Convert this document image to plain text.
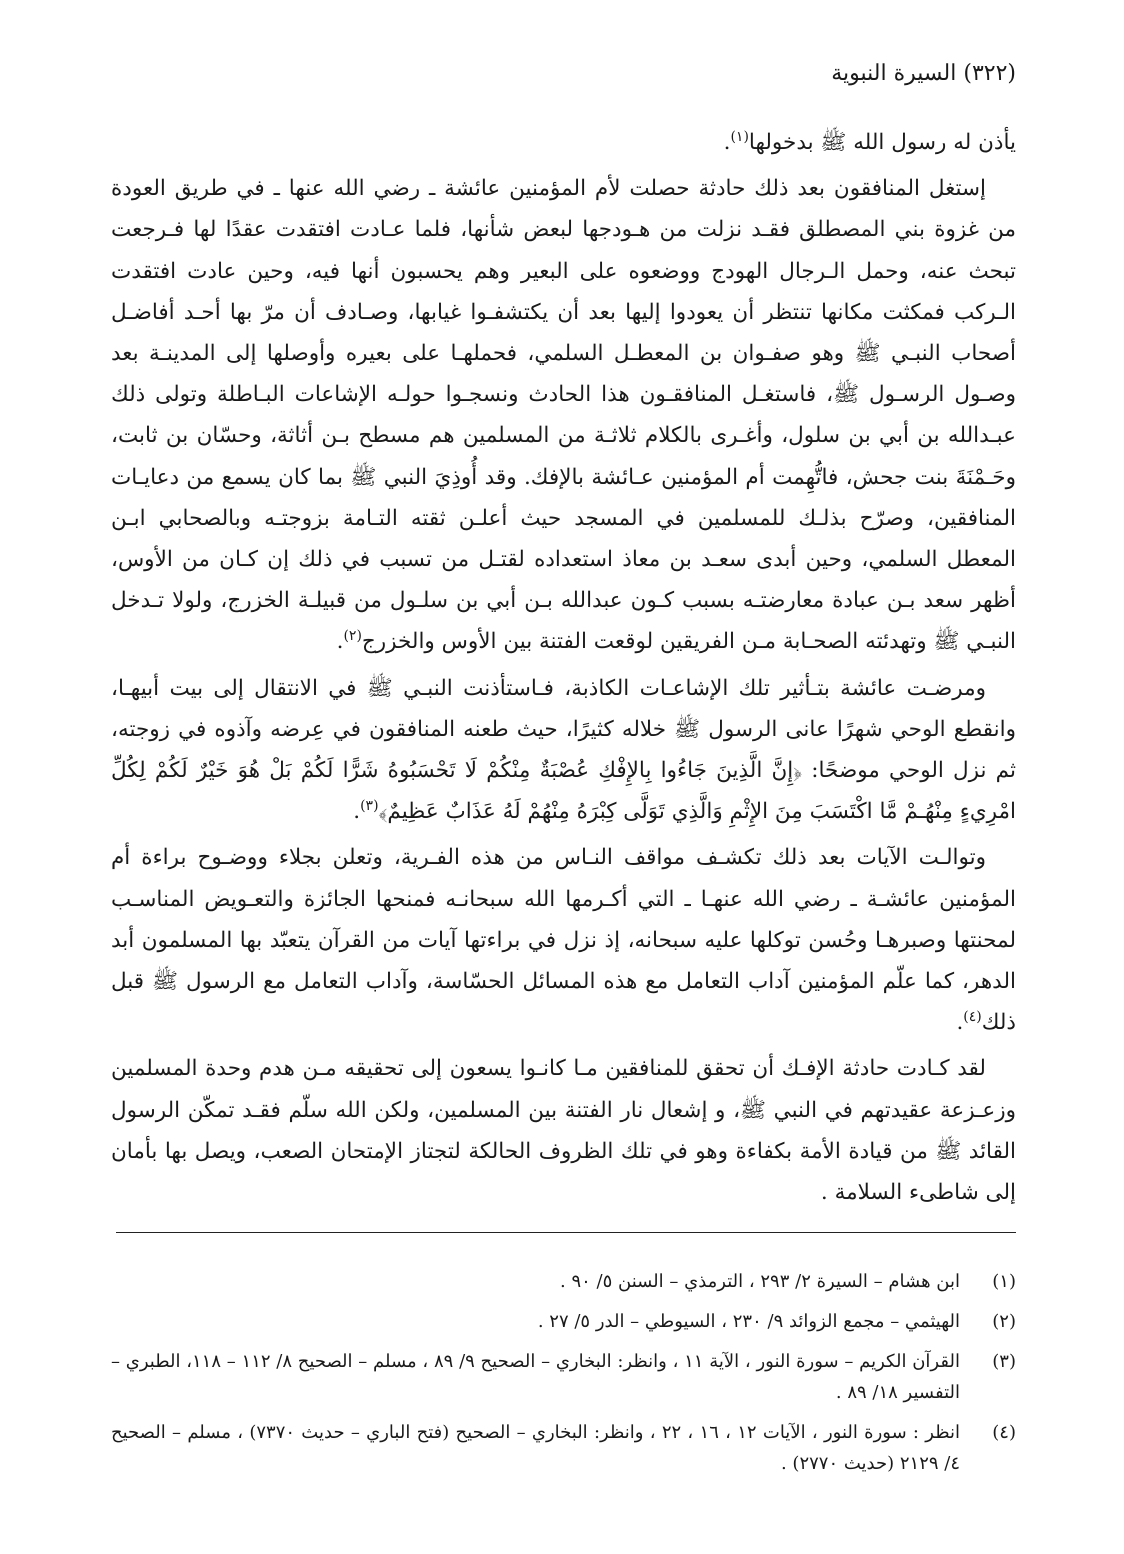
(٣٢٢) السيرة النبوية

يأذن له رسول الله ﷺ بدخولها$^{(١)}$.

إستغل المنافقون بعد ذلك حادثة حصلت لأم المؤمنين عائشة ـ رضي الله عنها ـ في طريق العودة من غزوة بني المصطلق فقـد نزلت من هـودجها لبعض شأنها، فلما عـادت افتقدت عقدًا لها فـرجعت تبحث عنه، وحمل الـرجال الهودج ووضعوه على البعير وهم يحسبون أنها فيه، وحين عادت افتقدت الـركب فمكثت مكانها تنتظر أن يعودوا إليها بعد أن يكتشفـوا غيابها، وصـادف أن مرّ بها أحـد أفاضـل أصحاب النبـي ﷺ وهو صفـوان بن المعطـل السلمي، فحملهـا على بعيره وأوصلها إلى المدينـة بعد وصـول الرسـول ﷺ، فاستغـل المنافقـون هذا الحادث ونسجـوا حولـه الإشاعات البـاطلة وتولى ذلك عبـدالله بن أبي بن سلول، وأغـرى بالكلام ثلاثـة من المسلمين هم مسطح بـن أثاثة، وحسّان بن ثابت، وحَـمْنَةَ بنت جحش، فاتُّهِمت أم المؤمنين عـائشة بالإفك. وقد أُوذِيَ النبي ﷺ بما كان يسمع من دعايـات المنافقين، وصرّح بذلـك للمسلمين في المسجد حيث أعلـن ثقته التـامة بزوجتـه وبالصحابي ابـن المعطل السلمي، وحين أبدى سعـد بن معاذ استعداده لقتـل من تسبب في ذلك إن كـان من الأوس، أظهر سعد بـن عبادة معارضتـه بسبب كـون عبدالله بـن أبي بن سلـول من قبيلـة الخزرج، ولولا تـدخل النبـي ﷺ وتهدئته الصحـابة مـن الفريقين لوقعت الفتنة بين الأوس والخزرج$^{(٢)}$.

ومرضـت عائشة بتـأثير تلك الإشاعـات الكاذبة، فـاستأذنت النبـي ﷺ في الانتقال إلى بيت أبيهـا، وانقطع الوحي شهرًا عانى الرسول ﷺ خلاله كثيرًا، حيث طعنه المنافقون في عِرضه وآذوه في زوجته، ثم نزل الوحي موضحًا: ﴿إِنَّ الَّذِينَ جَاءُوا بِالإِفْكِ عُصْبَةٌ مِنْكُمْ لَا تَحْسَبُوهُ شَرًّا لَكُمْ بَلْ هُوَ خَيْرٌ لَكُمْ لِكُلِّ امْرِيءٍ مِنْهُـمْ مَّا اكْتَسَبَ مِنَ الإِثْمِ وَالَّذِي تَوَلَّى كِبْرَهُ مِنْهُمْ لَهُ عَذَابٌ عَظِيمٌ﴾$^{(٣)}$.

وتوالـت الآيات بعد ذلك تكشـف مواقف النـاس من هذه الفـرية، وتعلن بجلاء ووضـوح براءة أم المؤمنين عائشـة ـ رضي الله عنهـا ـ التي أكـرمها الله سبحانـه فمنحها الجائزة والتعـويض المناسـب لمحنتها وصبرهـا وحُسن توكلها عليه سبحانه، إذ نزل في براءتها آيات من القرآن يتعبّد بها المسلمون أبد الدهر، كما علّم المؤمنين آداب التعامل مع هذه المسائل الحسّاسة، وآداب التعامل مع الرسول ﷺ قبل ذلك$^{(٤)}$.

لقد كـادت حادثة الإفـك أن تحقق للمنافقين مـا كانـوا يسعون إلى تحقيقه مـن هدم وحدة المسلمين وزعـزعة عقيدتهم في النبي ﷺ، و إشعال نار الفتنة بين المسلمين، ولكن الله سلّم فقـد تمكّن الرسول القائد ﷺ من قيادة الأمة بكفاءة وهو في تلك الظروف الحالكة لتجتاز الإمتحان الصعب، ويصل بها بأمان إلى شاطىء السلامة .

(١)
ابن هشام – السيرة ٢/ ٢٩٣ ، الترمذي – السنن ٥/ ٩٠ .
(٢)
الهيثمي – مجمع الزوائد ٩/ ٢٣٠ ، السيوطي – الدر ٥/ ٢٧ .
(٣)
القرآن الكريم – سورة النور ، الآية ١١ ، وانظر: البخاري – الصحيح ٩/ ٨٩ ، مسلم – الصحيح ٨/ ١١٢ – ١١٨، الطبري – التفسير ١٨/ ٨٩ .
(٤)
انظر : سورة النور ، الآيات ١٢ ، ١٦ ، ٢٢ ، وانظر: البخاري – الصحيح (فتح الباري – حديث ٧٣٧٠) ، مسلم – الصحيح ٤/ ٢١٢٩ (حديث ٢٧٧٠) .
